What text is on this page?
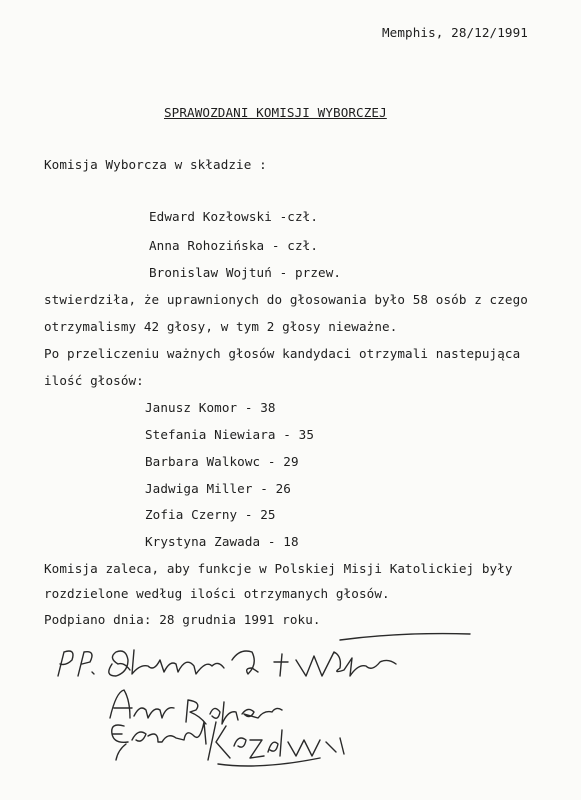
Memphis, 28/12/1991
SPRAWOZDANI KOMISJI WYBORCZEJ
Komisja Wyborcza w składzie :
Edward Kozłowski -czł.
Anna Rohozińska - czł.
Bronislaw Wojtuń - przew.
stwierdziła, że uprawnionych do głosowania było 58 osób z czego
otrzymalismy 42 głosy, w tym 2 głosy nieważne.
Po przeliczeniu ważnych głosów kandydaci otrzymali nastepująca
ilość głosów:
Janusz Komor - 38
Stefania Niewiara - 35
Barbara Walkowc - 29
Jadwiga Miller - 26
Zofia Czerny - 25
Krystyna Zawada - 18
Komisja zaleca, aby funkcje w Polskiej Misji Katolickiej były
rozdzielone według ilości otrzymanych głosów.
Podpiano dnia: 28 grudnia 1991 roku.
